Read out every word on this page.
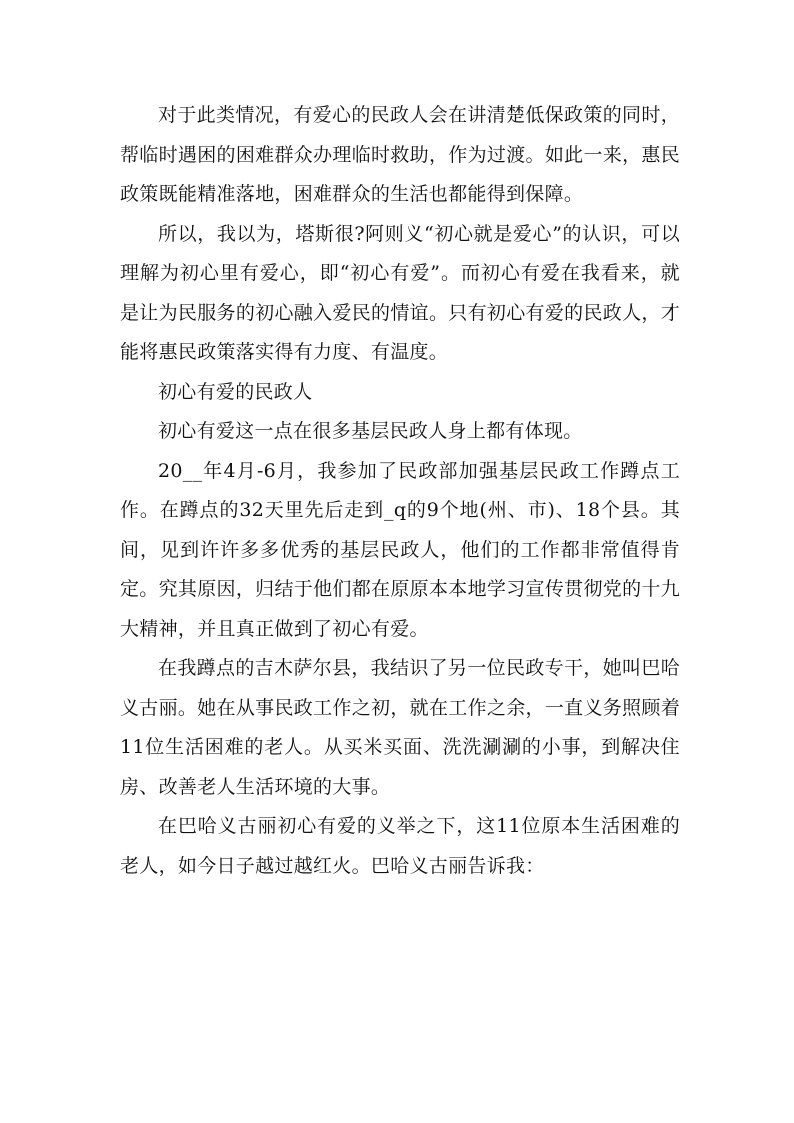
对于此类情况，有爱心的民政人会在讲清楚低保政策的同时，帮临时遇困的困难群众办理临时救助，作为过渡。如此一来，惠民政策既能精准落地，困难群众的生活也都能得到保障。

所以，我以为，塔斯很?阿则义“初心就是爱心”的认识，可以理解为初心里有爱心，即“初心有爱”。而初心有爱在我看来，就是让为民服务的初心融入爱民的情谊。只有初心有爱的民政人，才能将惠民政策落实得有力度、有温度。

初心有爱的民政人

初心有爱这一点在很多基层民政人身上都有体现。

20__年4月-6月，我参加了民政部加强基层民政工作蹲点工作。在蹲点的32天里先后走到_q的9个地(州、市)、18个县。其间，见到许许多多优秀的基层民政人，他们的工作都非常值得肯定。究其原因，归结于他们都在原原本本地学习宣传贯彻党的十九大精神，并且真正做到了初心有爱。

在我蹲点的吉木萨尔县，我结识了另一位民政专干，她叫巴哈义古丽。她在从事民政工作之初，就在工作之余，一直义务照顾着11位生活困难的老人。从买米买面、洗洗涮涮的小事，到解决住房、改善老人生活环境的大事。

在巴哈义古丽初心有爱的义举之下，这11位原本生活困难的老人，如今日子越过越红火。巴哈义古丽告诉我：
